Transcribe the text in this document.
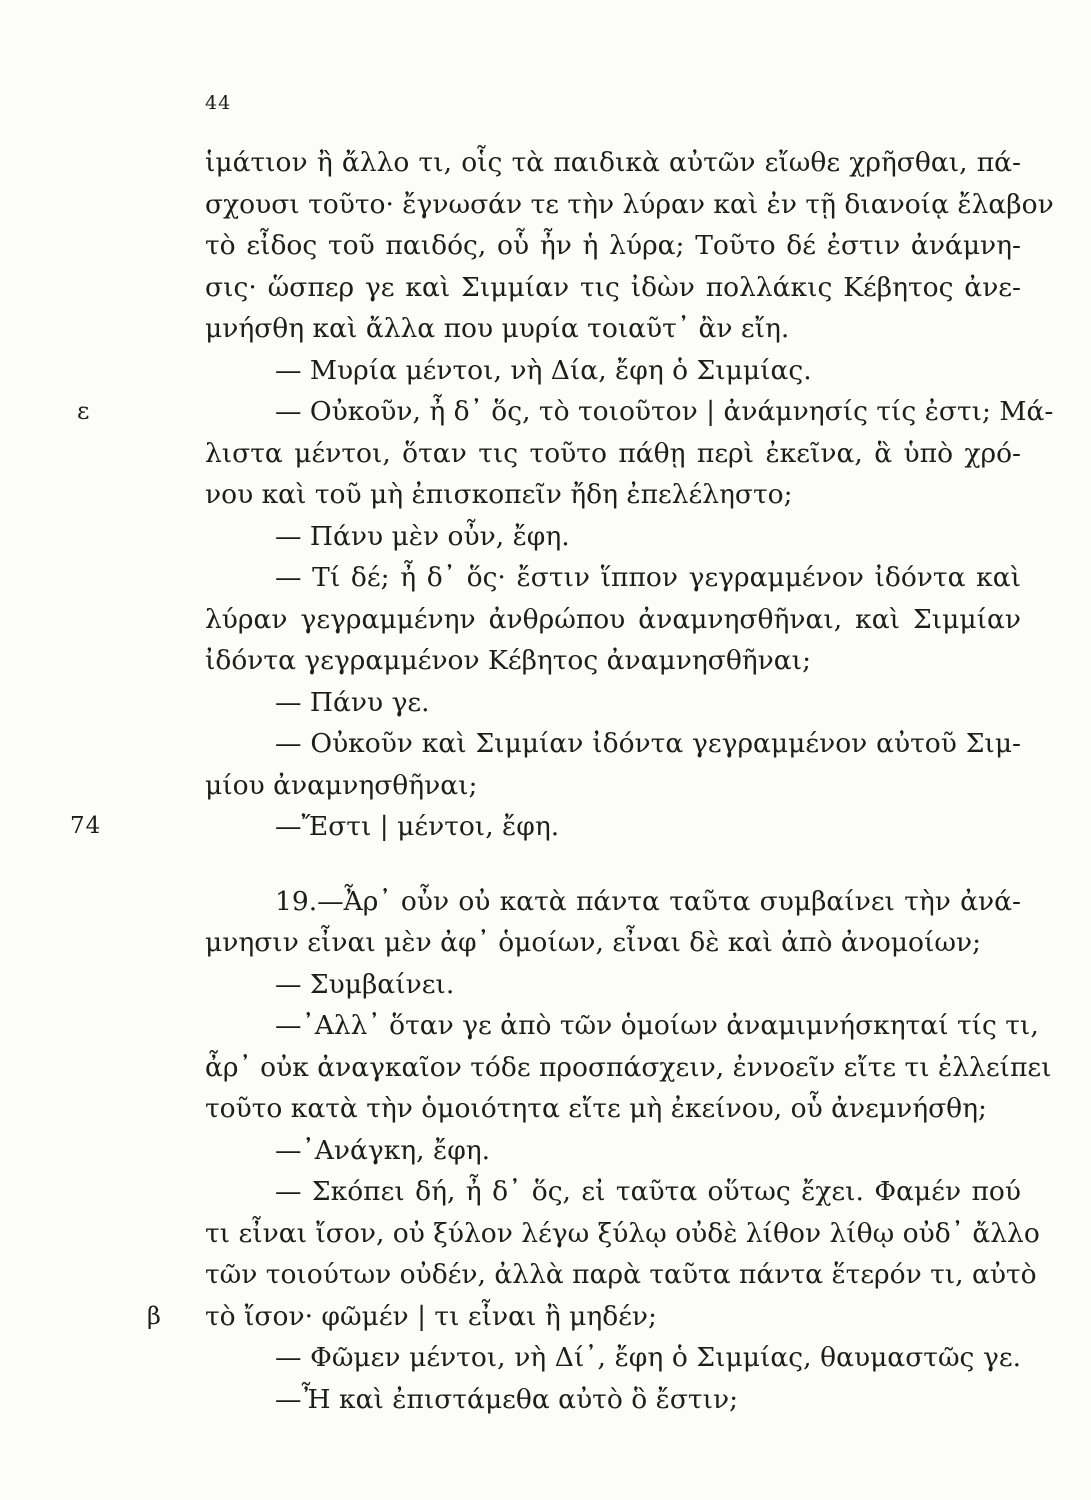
44
ἱμάτιον ἢ ἄλλο τι, οἷς τὰ παιδικὰ αὐτῶν εἴωθε χρῆσθαι, πά-
σχουσι τοῦτο· ἔγνωσάν τε τὴν λύραν καὶ ἐν τῇ διανοίᾳ ἔλαβον
τὸ εἶδος τοῦ παιδός, οὗ ἦν ἡ λύρα; Τοῦτο δέ ἐστιν ἀνάμνη-
σις· ὥσπερ γε καὶ Σιμμίαν τις ἰδὼν πολλάκις Κέβητος ἀνε-
μνήσθη καὶ ἄλλα που μυρία τοιαῦτ᾽ ἂν εἴη.
— Μυρία μέντοι, νὴ Δία, ἔφη ὁ Σιμμίας.
ε	— Οὐκοῦν, ἦ δ᾽ ὅς, τὸ τοιοῦτον | ἀνάμνησίς τίς ἐστι; Μά-
λιστα μέντοι, ὅταν τις τοῦτο πάθῃ περὶ ἐκεῖνα, ἃ ὑπὸ χρό-
νου καὶ τοῦ μὴ ἐπισκοπεῖν ἤδη ἐπελέληστο;
— Πάνυ μὲν οὖν, ἔφη.
— Τί δέ; ἦ δ᾽ ὅς· ἔστιν ἵππον γεγραμμένον ἰδόντα καὶ
λύραν γεγραμμένην ἀνθρώπου ἀναμνησθῆναι, καὶ Σιμμίαν
ἰδόντα γεγραμμένον Κέβητος ἀναμνησθῆναι;
— Πάνυ γε.
— Οὐκοῦν καὶ Σιμμίαν ἰδόντα γεγραμμένον αὐτοῦ Σιμ-
μίου ἀναμνησθῆναι;
74	—Ἔστι | μέντοι, ἔφη.
19.—Ἆρ᾽ οὖν οὐ κατὰ πάντα ταῦτα συμβαίνει τὴν ἀνά-
μνησιν εἶναι μὲν ἀφ᾽ ὁμοίων, εἶναι δὲ καὶ ἀπὸ ἀνομοίων;
— Συμβαίνει.
—᾽Αλλ᾽ ὅταν γε ἀπὸ τῶν ὁμοίων ἀναμιμνήσκηταί τίς τι,
ἆρ᾽ οὐκ ἀναγκαῖον τόδε προσπάσχειν, ἐννοεῖν εἴτε τι ἐλλείπει
τοῦτο κατὰ τὴν ὁμοιότητα εἴτε μὴ ἐκείνου, οὗ ἀνεμνήσθη;
—᾽Ανάγκη, ἔφη.
— Σκόπει δή, ἦ δ᾽ ὅς, εἰ ταῦτα οὕτως ἔχει. Φαμέν πού
τι εἶναι ἴσον, οὐ ξύλον λέγω ξύλῳ οὐδὲ λίθον λίθῳ οὐδ᾽ ἄλλο
τῶν τοιούτων οὐδέν, ἀλλὰ παρὰ ταῦτα πάντα ἕτερόν τι, αὐτὸ
β	τὸ ἴσον· φῶμέν | τι εἶναι ἢ μηδέν;
— Φῶμεν μέντοι, νὴ Δί᾽, ἔφη ὁ Σιμμίας, θαυμαστῶς γε.
—Ἦ καὶ ἐπιστάμεθα αὐτὸ ὃ ἔστιν;
